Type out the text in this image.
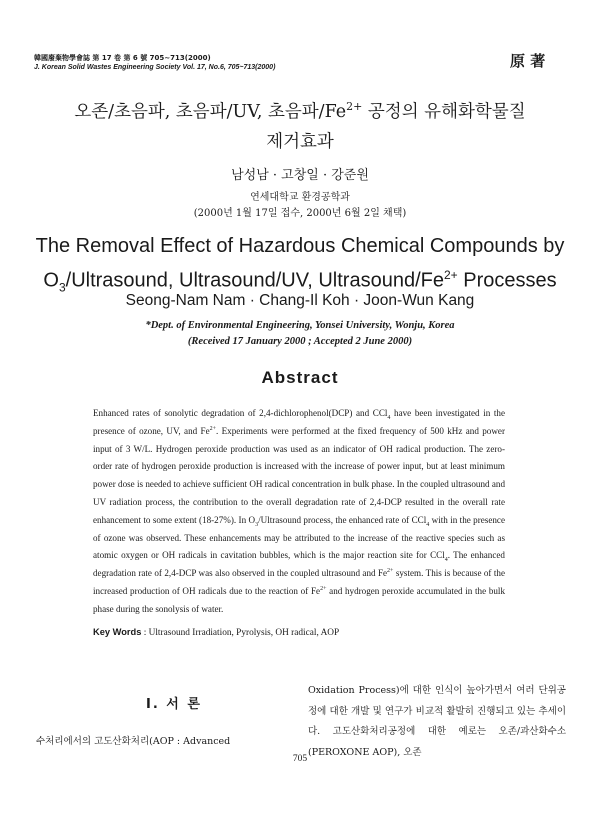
韓國廢棄物學會誌 第 17 卷 第 6 號 705~713(2000)
J. Korean Solid Wastes Engineering Society Vol. 17, No.6, 705~713(2000)	原 著
오존/초음파, 초음파/UV, 초음파$/Fe^{2+}$ 공정의 유해화학물질
제거효과
남성남 · 고창일 · 강준원
연세대학교 환경공학과
(2000년 1월 17일 접수, 2000년 6월 2일 채택)
The Removal Effect of Hazardous Chemical Compounds by
$O_3$/Ultrasound, Ultrasound/UV, Ultrasound/$Fe^{2+}$ Processes
Seong-Nam Nam · Chang-Il Koh · Joon-Wun Kang
*Dept. of Environmental Engineering, Yonsei University, Wonju, Korea
(Received 17 January 2000 ; Accepted 2 June 2000)
Abstract

Enhanced rates of sonolytic degradation of 2,4-dichlorophenol(DCP) and CCl$_4$ have been investigated in the presence of ozone, UV, and $Fe^{2+}$. Experiments were performed at the fixed frequency of 500 kHz and power input of 3 W/L. Hydrogen peroxide production was used as an indicator of OH radical production. The zero-order rate of hydrogen peroxide production is increased with the increase of power input, but at least minimum power dose is needed to achieve sufficient OH radical concentration in bulk phase. In the coupled ultrasound and UV radiation process, the contribution to the overall degradation rate of 2,4-DCP resulted in the overall rate enhancement to some extent (18-27%). In $O_3$/Ultrasound process, the enhanced rate of CCl$_4$ with in the presence of ozone was observed. These enhancements may be attributed to the increase of the reactive species such as atomic oxygen or OH radicals in cavitation bubbles, which is the major reaction site for CCl$_4$. The enhanced degradation rate of 2,4-DCP was also observed in the coupled ultrasound and $Fe^{2+}$ system. This is because of the increased production of OH radicals due to the reaction of $Fe^{2+}$ and hydrogen peroxide accumulated in the bulk phase during the sonolysis of water.

Key Words : Ultrasound Irradiation, Pyrolysis, OH radical, AOP
I. 서 론

수처리에서의 고도산화처리(AOP : Advanced

Oxidation Process)에 대한 인식이 높아가면서 여러 단위공정에 대한 개발 및 연구가 비교적 활발히 진행되고 있는 추세이다. 고도산화처리공정에 대한 예로는 오존/과산화수소(PEROXONE AOP), 오존

705
